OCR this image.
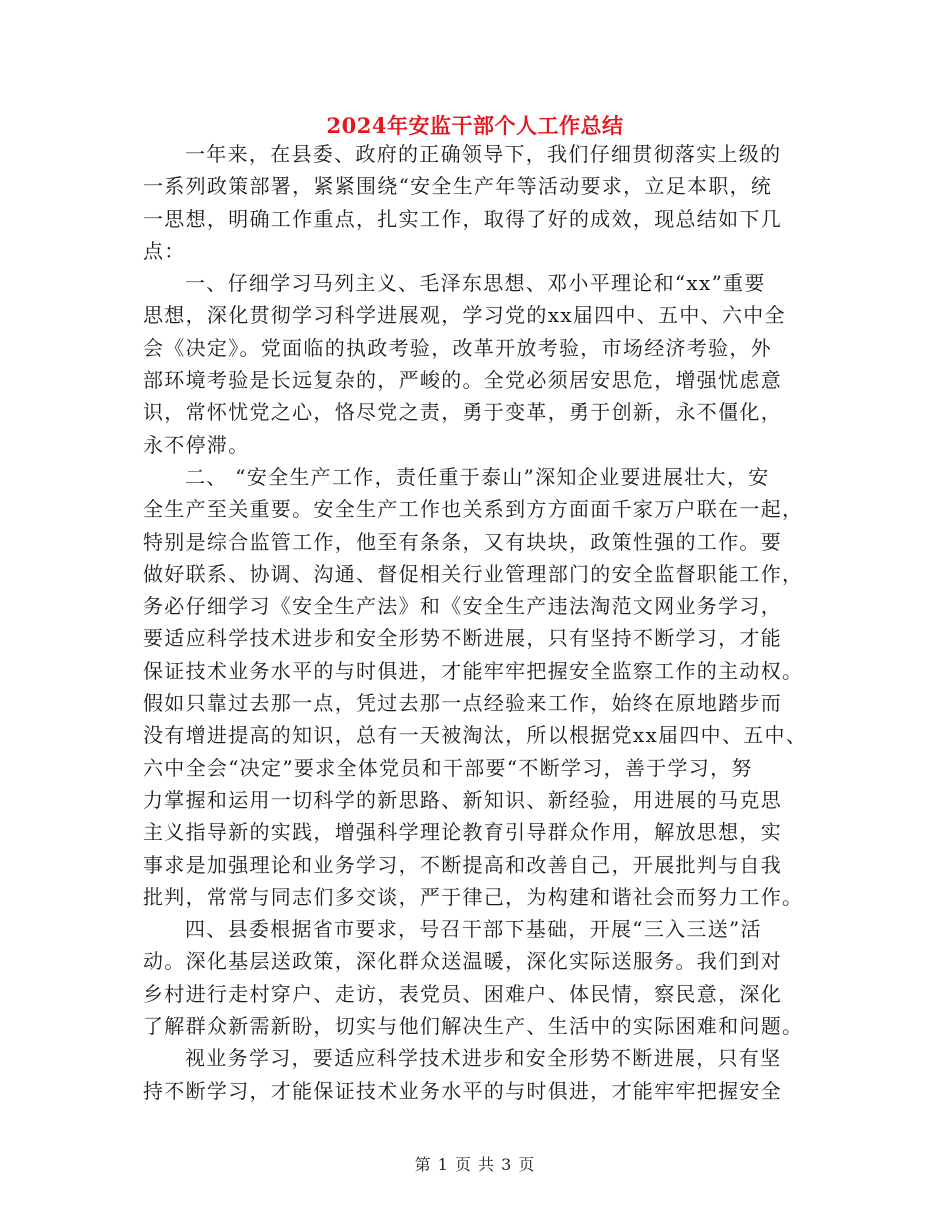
2024年安监干部个人工作总结
一年来，在县委、政府的正确领导下，我们仔细贯彻落实上级的
一系列政策部署，紧紧围绕“安全生产年等活动要求，立足本职，统
一思想，明确工作重点，扎实工作，取得了好的成效，现总结如下几
点：
一、仔细学习马列主义、毛泽东思想、邓小平理论和“xx”重要
思想，深化贯彻学习科学进展观，学习党的xx届四中、五中、六中全
会《决定》。党面临的执政考验，改革开放考验，市场经济考验，外
部环境考验是长远复杂的，严峻的。全党必须居安思危，增强忧虑意
识，常怀忧党之心，恪尽党之责，勇于变革，勇于创新，永不僵化，
永不停滞。
二、 “安全生产工作，责任重于泰山”深知企业要进展壮大，安
全生产至关重要。安全生产工作也关系到方方面面千家万户联在一起，
特别是综合监管工作，他至有条条，又有块块，政策性强的工作。要
做好联系、协调、沟通、督促相关行业管理部门的安全监督职能工作，
务必仔细学习《安全生产法》和《安全生产违法淘范文网业务学习，
要适应科学技术进步和安全形势不断进展，只有坚持不断学习，才能
保证技术业务水平的与时俱进，才能牢牢把握安全监察工作的主动权。
假如只靠过去那一点，凭过去那一点经验来工作，始终在原地踏步而
没有增进提高的知识，总有一天被淘汰，所以根据党xx届四中、五中、
六中全会“决定”要求全体党员和干部要“不断学习，善于学习，努
力掌握和运用一切科学的新思路、新知识、新经验，用进展的马克思
主义指导新的实践，增强科学理论教育引导群众作用，解放思想，实
事求是加强理论和业务学习，不断提高和改善自己，开展批判与自我
批判，常常与同志们多交谈，严于律己，为构建和谐社会而努力工作。
四、县委根据省市要求，号召干部下基础，开展“三入三送”活
动。深化基层送政策，深化群众送温暖，深化实际送服务。我们到对
乡村进行走村穿户、走访，表党员、困难户、体民情，察民意，深化
了解群众新需新盼，切实与他们解决生产、生活中的实际困难和问题。
视业务学习，要适应科学技术进步和安全形势不断进展，只有坚
持不断学习，才能保证技术业务水平的与时俱进，才能牢牢把握安全
第 1 页 共 3 页
